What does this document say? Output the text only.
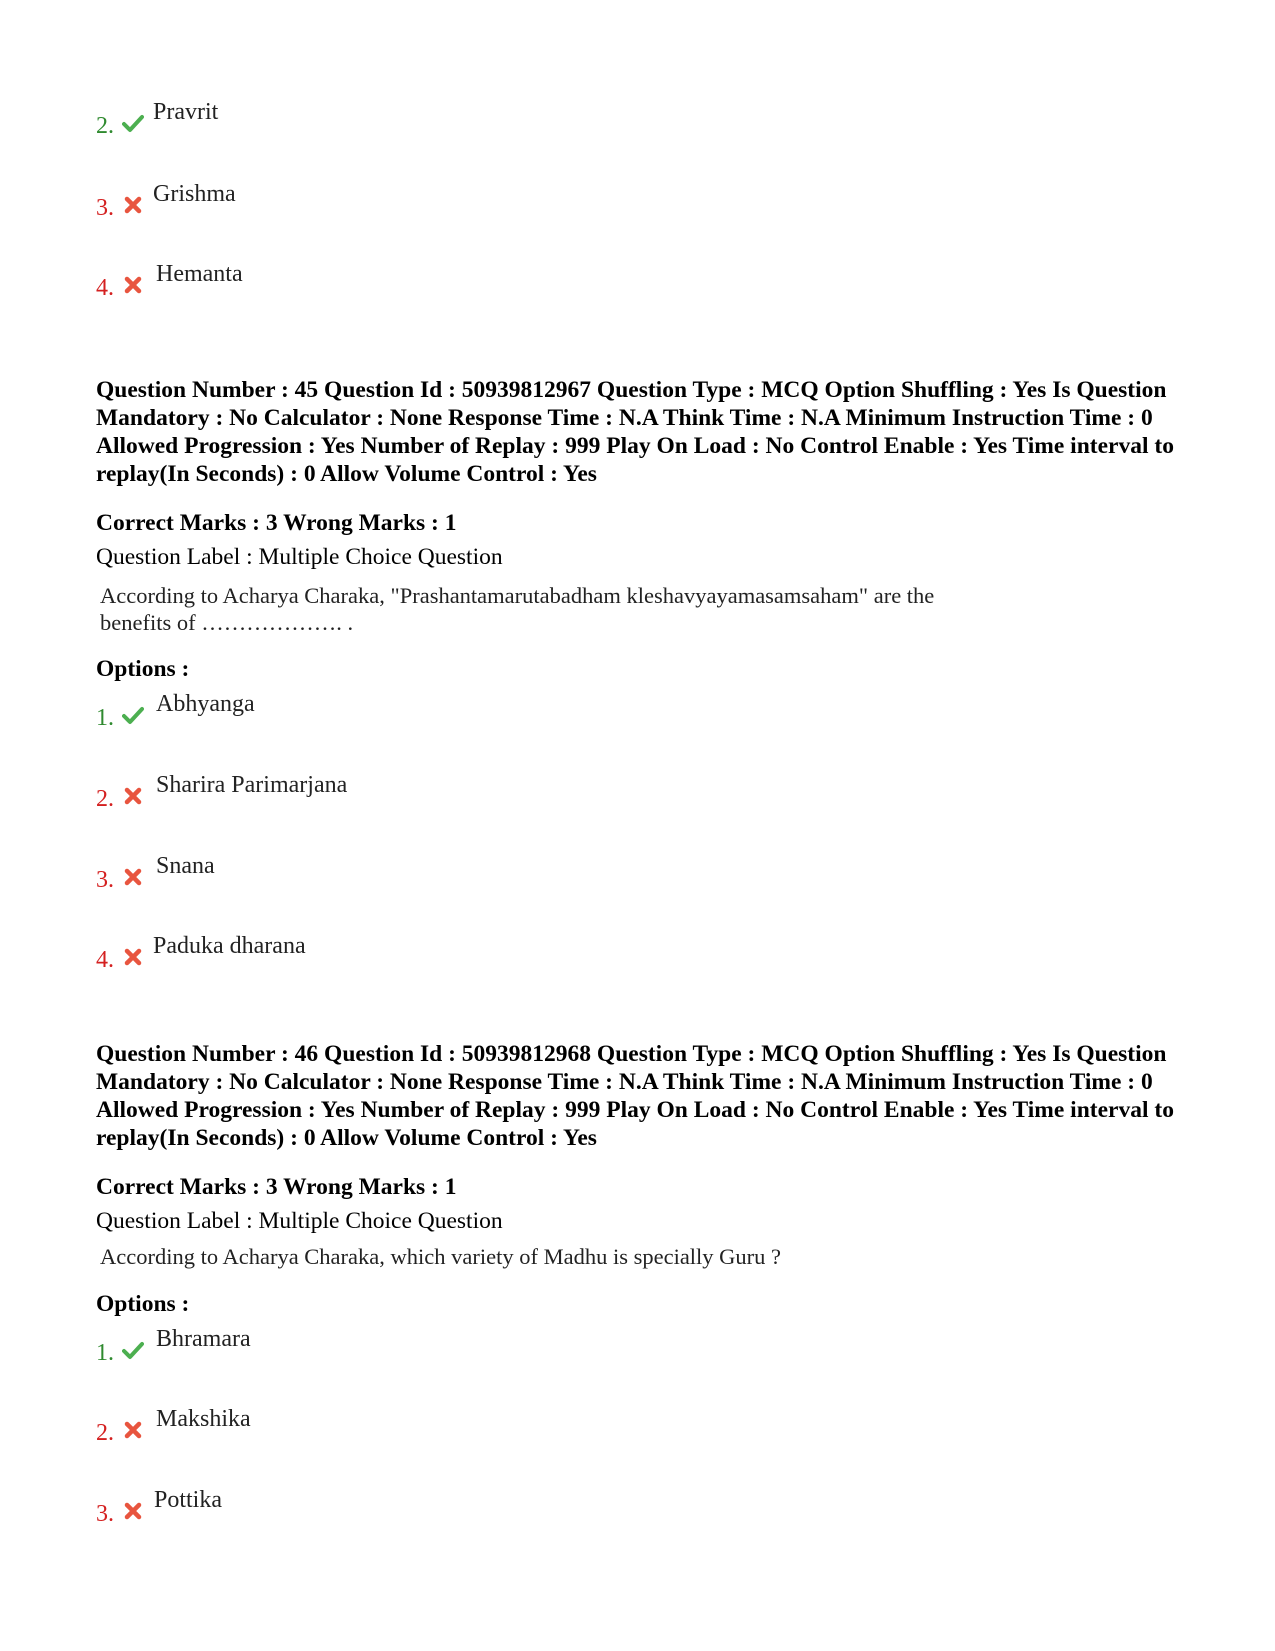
2.
Pravrit
3.
Grishma
4.
Hemanta
Question Number : 45 Question Id : 50939812967 Question Type : MCQ Option Shuffling : Yes Is Question Mandatory : No Calculator : None Response Time : N.A Think Time : N.A Minimum Instruction Time : 0 Allowed Progression : Yes Number of Replay : 999 Play On Load : No Control Enable : Yes Time interval to replay(In Seconds) : 0 Allow Volume Control : Yes
Correct Marks : 3 Wrong Marks : 1
Question Label : Multiple Choice Question
According to Acharya Charaka, "Prashantamarutabadham kleshavyayamasamsaham" are the benefits of ………………. .
Options :
1.
Abhyanga
2.
Sharira Parimarjana
3.
Snana
4.
Paduka dharana
Question Number : 46 Question Id : 50939812968 Question Type : MCQ Option Shuffling : Yes Is Question Mandatory : No Calculator : None Response Time : N.A Think Time : N.A Minimum Instruction Time : 0 Allowed Progression : Yes Number of Replay : 999 Play On Load : No Control Enable : Yes Time interval to replay(In Seconds) : 0 Allow Volume Control : Yes
Correct Marks : 3 Wrong Marks : 1
Question Label : Multiple Choice Question
According to Acharya Charaka, which variety of Madhu is specially Guru ?
Options :
1.
Bhramara
2.
Makshika
3.
Pottika
